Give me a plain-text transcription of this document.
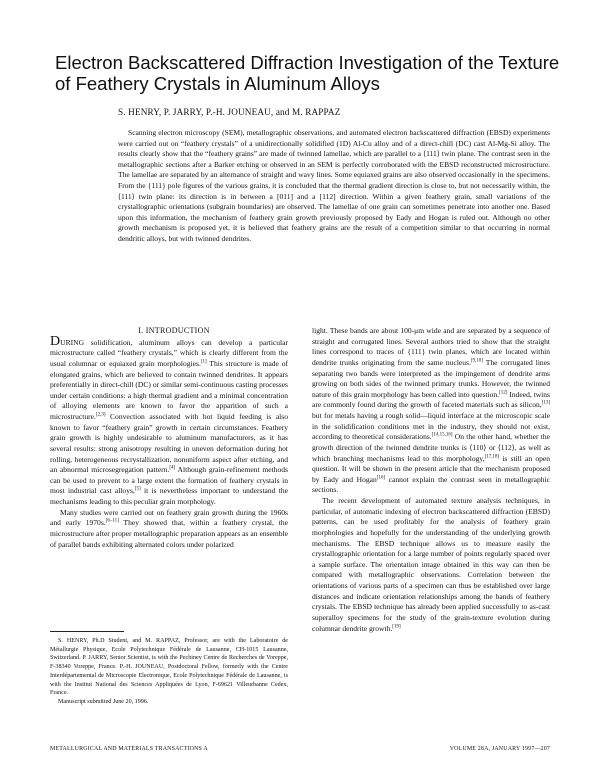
Electron Backscattered Diffraction Investigation of the Texture of Feathery Crystals in Aluminum Alloys
S. HENRY, P. JARRY, P.-H. JOUNEAU, and M. RAPPAZ

Scanning electron microscopy (SEM), metallographic observations, and automated electron backscattered diffraction (EBSD) experiments were carried out on “feathery crystals” of a unidirectionally solidified (1D) Al-Cu alloy and of a direct-chill (DC) cast Al-Mg-Si alloy. The results clearly show that the “feathery grains” are made of twinned lamellae, which are parallel to a ⟨111⟩ twin plane. The contrast seen in the metallographic sections after a Barker etching or observed in an SEM is perfectly corroborated with the EBSD reconstructed microstructure. The lamellae are separated by an alternance of straight and wavy lines. Some equiaxed grains are also observed occasionally in the specimens. From the {111} pole figures of the various grains, it is concluded that the thermal gradient direction is close to, but not necessarily within, the ⟨111⟩ twin plane: its direction is in between a [011] and a [112] direction. Within a given feathery grain, small variations of the crystallographic orientations (subgrain boundaries) are observed. The lamellae of one grain can sometimes penetrate into another one. Based upon this information, the mechanism of feathery grain growth previously proposed by Eady and Hogan is ruled out. Although no other growth mechanism is proposed yet, it is believed that feathery grains are the result of a competition similar to that occurring in normal dendritic alloys, but with twinned dendrites.

I. INTRODUCTION

DURING solidification, aluminum alloys can develop a particular microstructure called “feathery crystals,” which is clearly different from the usual columnar or equiaxed grain morphologies.[1] This structure is made of elongated grains, which are believed to contain twinned dendrites. It appears preferentially in direct-chill (DC) or similar semi-continuous casting processes under certain conditions: a high thermal gradient and a minimal concentration of alloying elements are known to favor the apparition of such a microstructure.[2,3] Convection associated with hot liquid feeding is also known to favor “feathery grain” growth in certain circumstances. Feathery grain growth is highly undesirable to aluminum manufacturers, as it has several results: strong anisotropy resulting in uneven deformation during hot rolling, heterogeneous recrystallization, nonuniform aspect after etching, and an abnormal microsegregation pattern.[4] Although grain-refinement methods can be used to prevent to a large extent the formation of feathery crystals in most industrial cast alloys,[5] it is nevertheless important to understand the mechanisms leading to this peculiar grain morphology.

Many studies were carried out on feathery grain growth during the 1960s and early 1970s.[6–11] They showed that, within a feathery crystal, the microstructure after proper metallographic preparation appears as an ensemble of parallel bands exhibiting alternated colors under polarized

light. These bands are about 100-μm wide and are separated by a sequence of straight and corrugated lines. Several authors tried to show that the straight lines correspond to traces of {111} twin planes, which are located within dendrite trunks originating from the same nucleus.[9,10] The corrugated lines separating two bands were interpreted as the impingement of dendrite arms growing on both sides of the twinned primary trunks. However, the twinned nature of this grain morphology has been called into question.[12] Indeed, twins are commonly found during the growth of faceted materials such as silicon,[13] but for metals having a rough solid—liquid interface at the microscopic scale in the solidification conditions met in the industry, they should not exist, according to theoretical considerations.[14,15,16] On the other hand, whether the growth direction of the twinned dendrite trunks is ⟨110⟩ or ⟨112⟩, as well as which branching mechanisms lead to this morphology,[17,18] is still an open question. It will be shown in the present article that the mechanism proposed by Eady and Hogan[16] cannot explain the contrast seen in metallographic sections.

The recent development of automated texture analysis techniques, in particular, of automatic indexing of electron backscattered diffraction (EBSD) patterns, can be used profitably for the analysis of feathery grain morphologies and hopefully for the understanding of the underlying growth mechanisms. The EBSD technique allows us to measure easily the crystallographic orientation for a large number of points regularly spaced over a sample surface. The orientation image obtained in this way can then be compared with metallographic observations. Correlation between the orientations of various parts of a specimen can thus be established over large distances and indicate orientation relationships among the bands of feathery crystals. The EBSD technique has already been applied successfully to as-cast superalloy specimens for the study of the grain-texture evolution during columnar dendrite growth.[19]

S. HENRY, Ph.D Student, and M. RAPPAZ, Professor, are with the Laboratoire de Métallurgie Physique, Ecole Polytechnique Fédérale de Lausanne, CH-1015 Lausanne, Switzerland. P. JARRY, Senior Scientist, is with the Pechiney Centre de Recherches de Voreppe, F-38340 Voreppe, France. P.-H. JOUNEAU, Postdoctoral Fellow, formerly with the Centre Interdépartemental de Microscopie Electronique, Ecole Polytechnique Fédérale de Lausanne, is with the Institut National des Sciences Appliquées de Lyon, F-69621 Villeurbanne Cedex, France.

Manuscript submitted June 20, 1996.

METALLURGICAL AND MATERIALS TRANSACTIONS A	VOLUME 28A, JANUARY 1997—207
